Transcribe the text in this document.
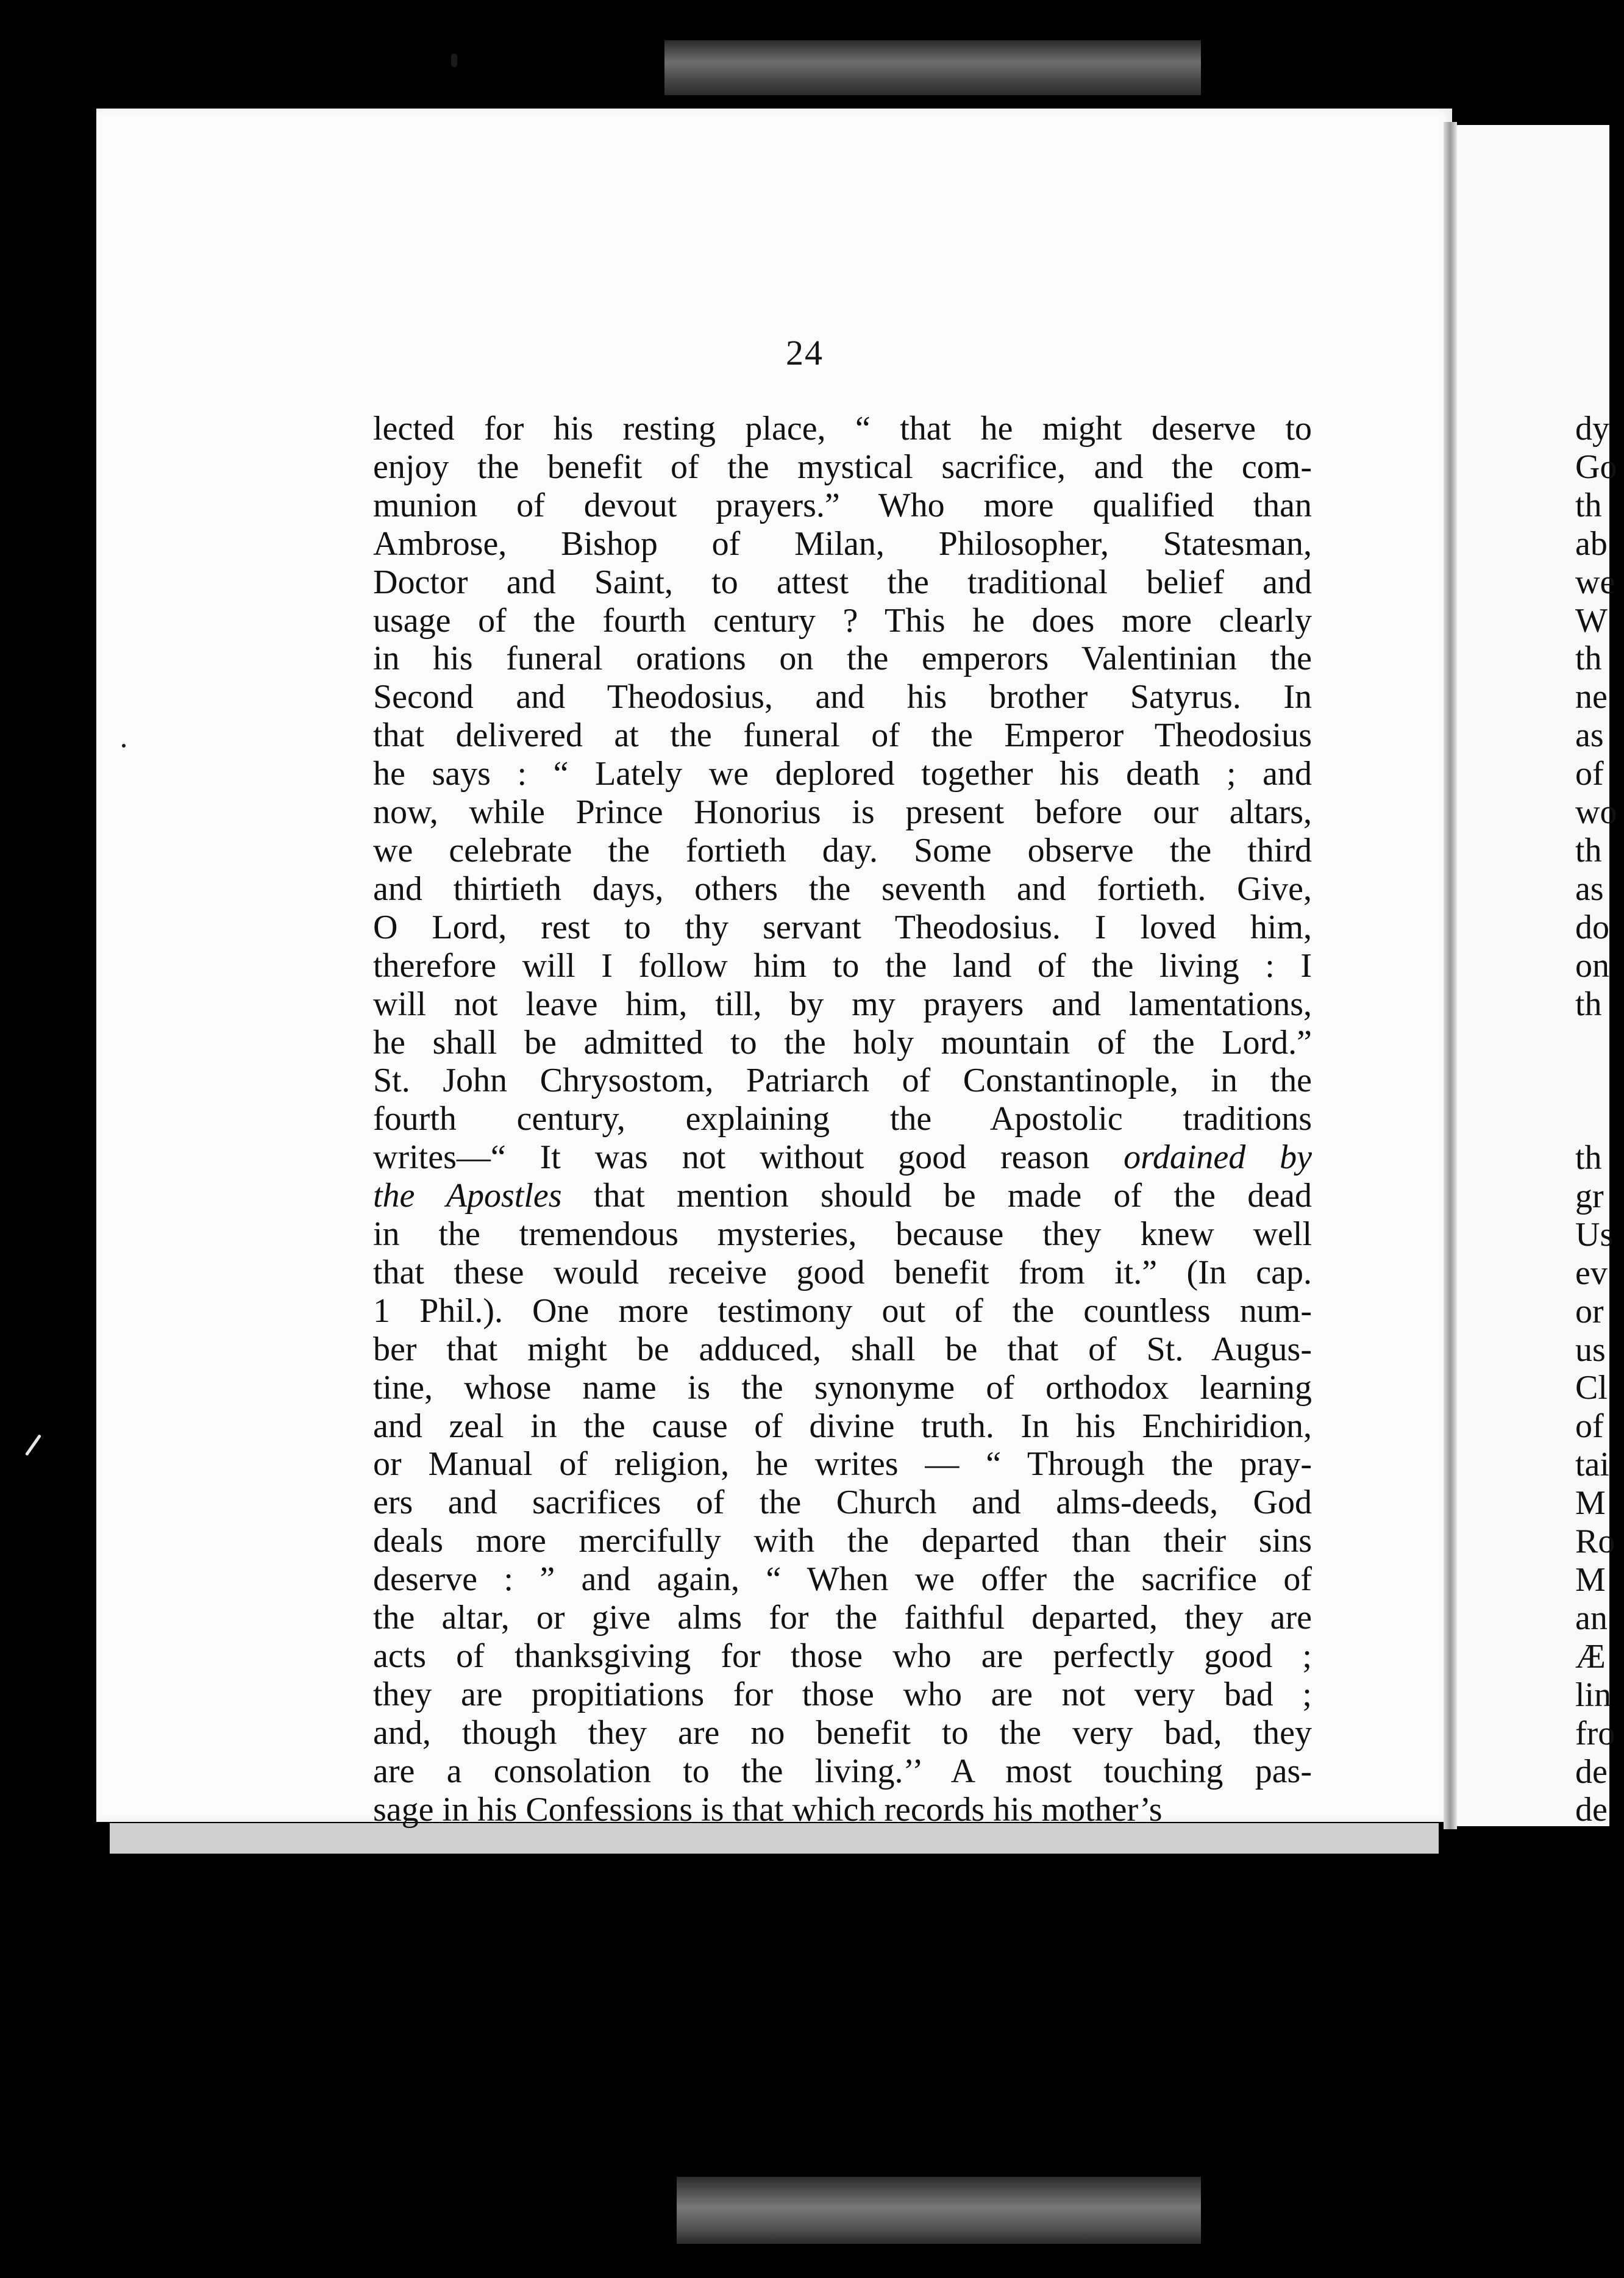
24
lected for his resting place, “ that he might deserve to
enjoy the benefit of the mystical sacrifice, and the com-
munion of devout prayers.” Who more qualified than
Ambrose, Bishop of Milan, Philosopher, Statesman,
Doctor and Saint, to attest the traditional belief and
usage of the fourth century ? This he does more clearly
in his funeral orations on the emperors Valentinian the
Second and Theodosius, and his brother Satyrus. In
that delivered at the funeral of the Emperor Theodosius
he says : “ Lately we deplored together his death ; and
now, while Prince Honorius is present before our altars,
we celebrate the fortieth day. Some observe the third
and thirtieth days, others the seventh and fortieth. Give,
O Lord, rest to thy servant Theodosius. I loved him,
therefore will I follow him to the land of the living : I
will not leave him, till, by my prayers and lamentations,
he shall be admitted to the holy mountain of the Lord.”
St. John Chrysostom, Patriarch of Constantinople, in the
fourth century, explaining the Apostolic traditions
writes—“ It was not without good reason ordained by
the Apostles that mention should be made of the dead
in the tremendous mysteries, because they knew well
that these would receive good benefit from it.” (In cap.
1 Phil.). One more testimony out of the countless num-
ber that might be adduced, shall be that of St. Augus-
tine, whose name is the synonyme of orthodox learning
and zeal in the cause of divine truth. In his Enchiridion,
or Manual of religion, he writes — “ Through the pray-
ers and sacrifices of the Church and alms-deeds, God
deals more mercifully with the departed than their sins
deserve : ” and again, “ When we offer the sacrifice of
the altar, or give alms for the faithful departed, they are
acts of thanksgiving for those who are perfectly good ;
they are propitiations for those who are not very bad ;
and, though they are no benefit to the very bad, they
are a consolation to the living.’’ A most touching pas-
sage in his Confessions is that which records his mother’s
dy
Go
th
ab
we
W
th
ne
as
of
wo
th
as
do
on
th
th
gr
Us
ev
or
us
Cl
of
tai
M
Ro
M
an
Æ
lin
fro
de
de
